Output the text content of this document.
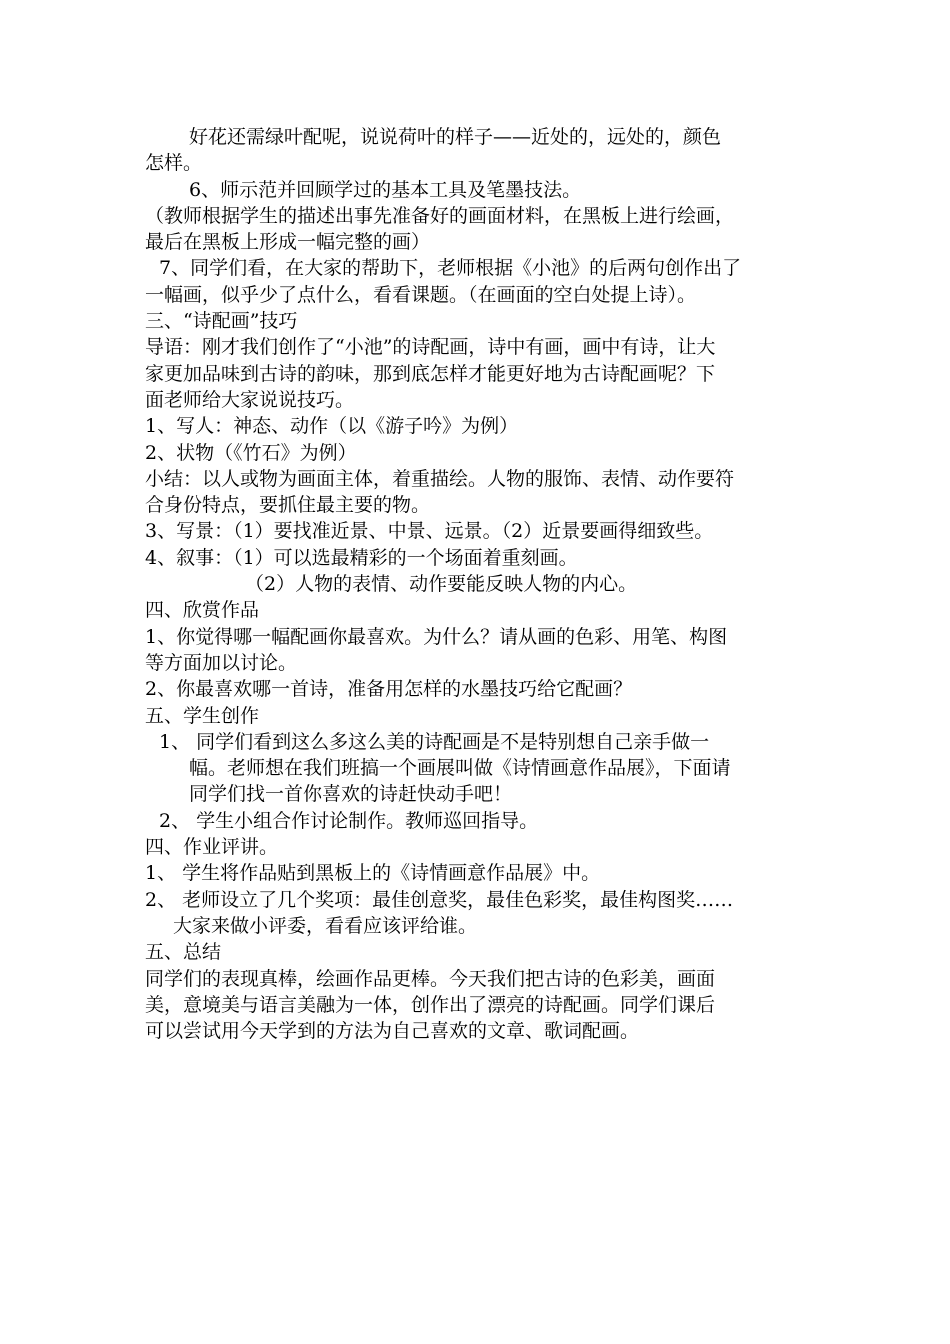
好花还需绿叶配呢，说说荷叶的样子——近处的，远处的，颜色
怎样。
6、师示范并回顾学过的基本工具及笔墨技法。
（教师根据学生的描述出事先准备好的画面材料，在黑板上进行绘画，
最后在黑板上形成一幅完整的画）
7、同学们看，在大家的帮助下，老师根据《小池》的后两句创作出了
一幅画，似乎少了点什么，看看课题。（在画面的空白处提上诗）。
三、“诗配画”技巧
导语：刚才我们创作了“小池”的诗配画，诗中有画，画中有诗，让大
家更加品味到古诗的韵味，那到底怎样才能更好地为古诗配画呢？下
面老师给大家说说技巧。
1、写人：神态、动作（以《游子吟》为例）
2、状物（《竹石》为例）
小结：以人或物为画面主体，着重描绘。人物的服饰、表情、动作要符
合身份特点，要抓住最主要的物。
3、写景：（1）要找准近景、中景、远景。（2）近景要画得细致些。
4、叙事：（1）可以选最精彩的一个场面着重刻画。
（2）人物的表情、动作要能反映人物的内心。
四、欣赏作品
1、你觉得哪一幅配画你最喜欢。为什么？请从画的色彩、用笔、构图
等方面加以讨论。
2、你最喜欢哪一首诗，准备用怎样的水墨技巧给它配画？
五、学生创作
1、 同学们看到这么多这么美的诗配画是不是特别想自己亲手做一
幅。老师想在我们班搞一个画展叫做《诗情画意作品展》，下面请
同学们找一首你喜欢的诗赶快动手吧！
2、 学生小组合作讨论制作。教师巡回指导。
四、作业评讲。
1、 学生将作品贴到黑板上的《诗情画意作品展》中。
2、 老师设立了几个奖项：最佳创意奖，最佳色彩奖，最佳构图奖……
大家来做小评委，看看应该评给谁。
五、总结
同学们的表现真棒，绘画作品更棒。今天我们把古诗的色彩美，画面
美，意境美与语言美融为一体，创作出了漂亮的诗配画。同学们课后
可以尝试用今天学到的方法为自己喜欢的文章、歌词配画。
